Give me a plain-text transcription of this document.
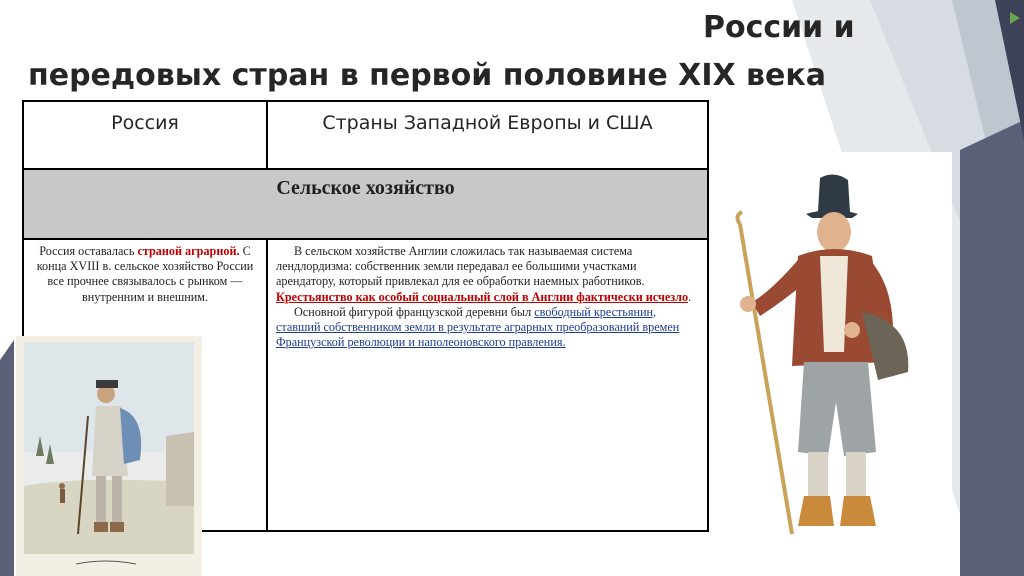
России и
передовых стран в первой половине XIX века
Россия	Страны Западной Европы и США
Сельское хозяйство
Россия оставалась страной аграрной. С конца XVIII в. сельское хозяйство России все прочнее связывалось с рынком — внутренним и внешним.

В сельском хозяйстве Англии сложилась так называемая система лендлордизма: собственник земли передавал ее большими участками арендатору, который привлекал для ее обработки наемных работников. Крестьянство как особый социальный слой в Англии фактически исчезло.

Основной фигурой французской деревни был свободный крестьянин, ставший собственником земли в результате аграрных преобразований времен Французской революции и наполеоновского правления.
